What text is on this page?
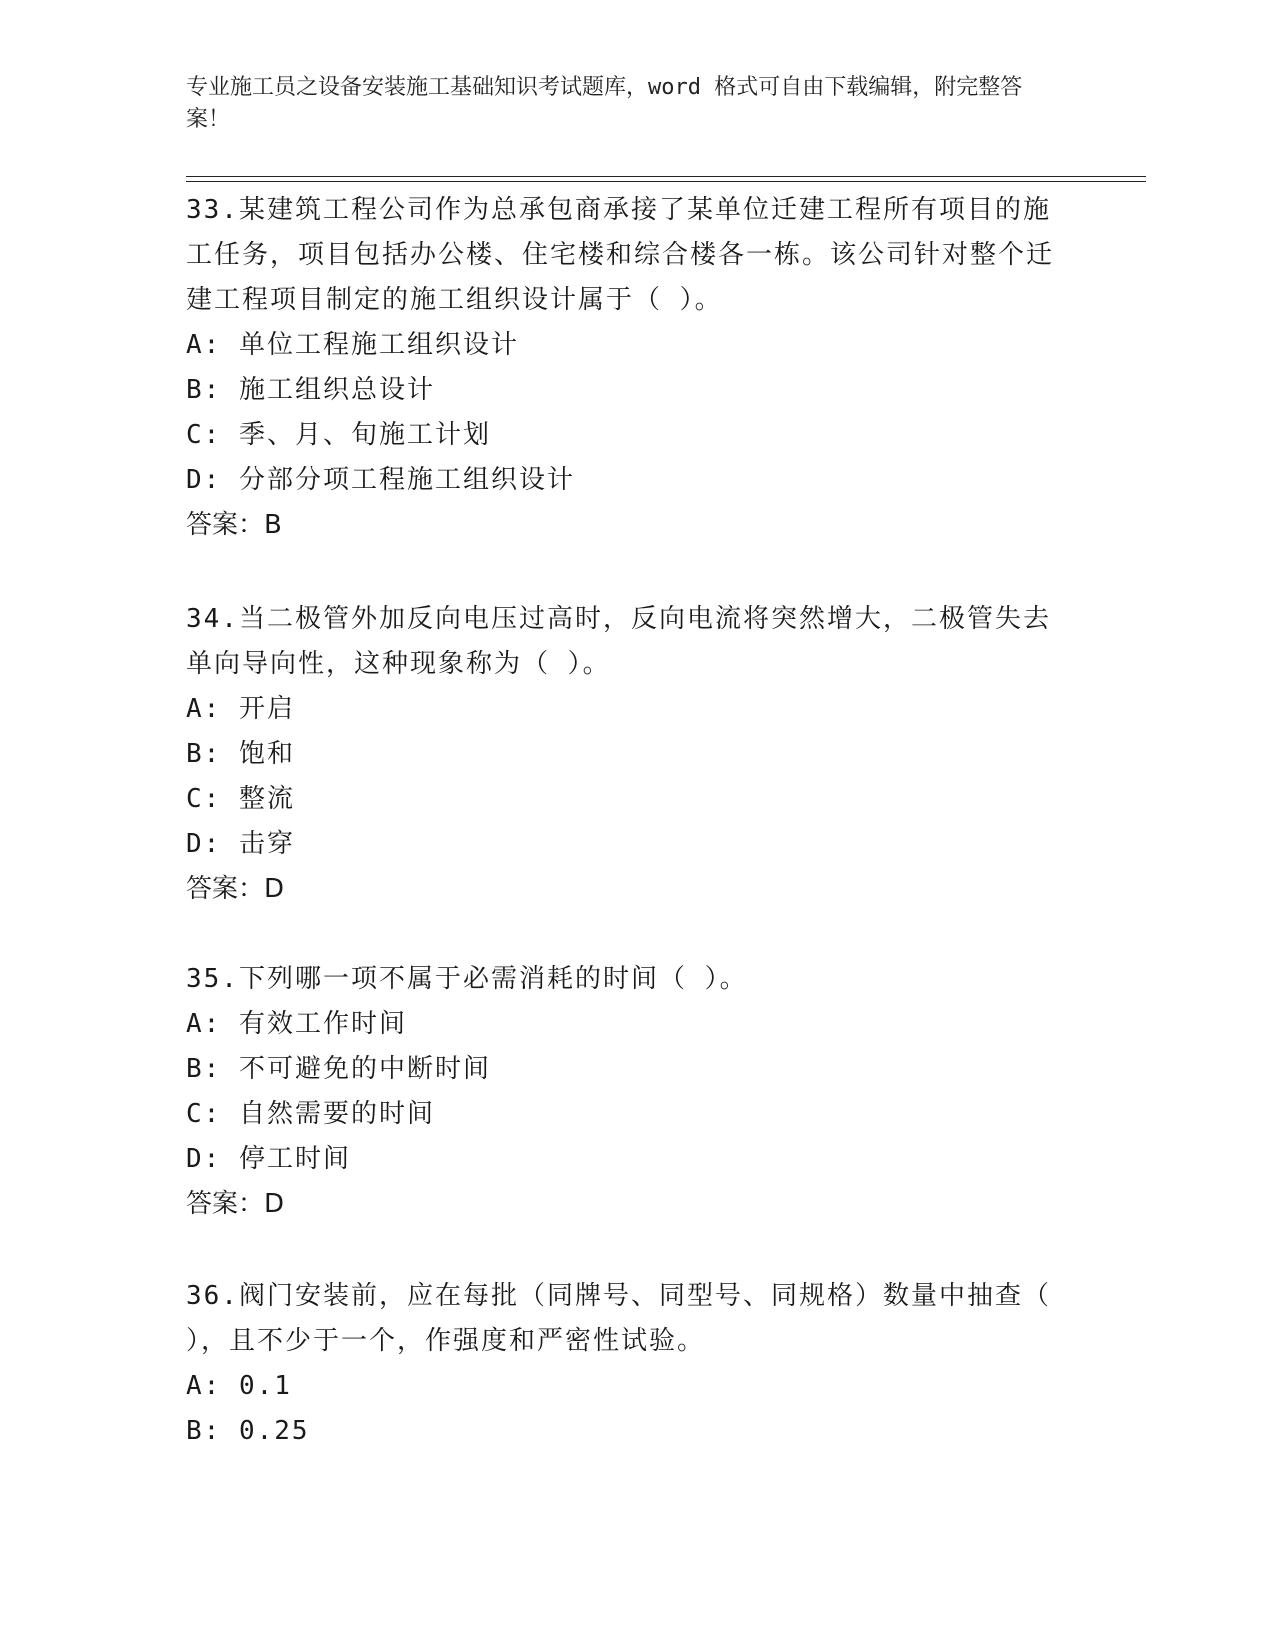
专业施工员之设备安装施工基础知识考试题库，word 格式可自由下载编辑，附完整答案！

33.某建筑工程公司作为总承包商承接了某单位迁建工程所有项目的施工任务，项目包括办公楼、住宅楼和综合楼各一栋。该公司针对整个迁建工程项目制定的施工组织设计属于（ ）。

A: 单位工程施工组织设计

B: 施工组织总设计

C: 季、月、旬施工计划

D: 分部分项工程施工组织设计

答案：B

34.当二极管外加反向电压过高时，反向电流将突然增大，二极管失去单向导向性，这种现象称为（ ）。

A: 开启

B: 饱和

C: 整流

D: 击穿

答案：D

35.下列哪一项不属于必需消耗的时间（ ）。

A: 有效工作时间

B: 不可避免的中断时间

C: 自然需要的时间

D: 停工时间

答案：D

36.阀门安装前，应在每批（同牌号、同型号、同规格）数量中抽查（ ），且不少于一个，作强度和严密性试验。

A: 0.1

B: 0.25
